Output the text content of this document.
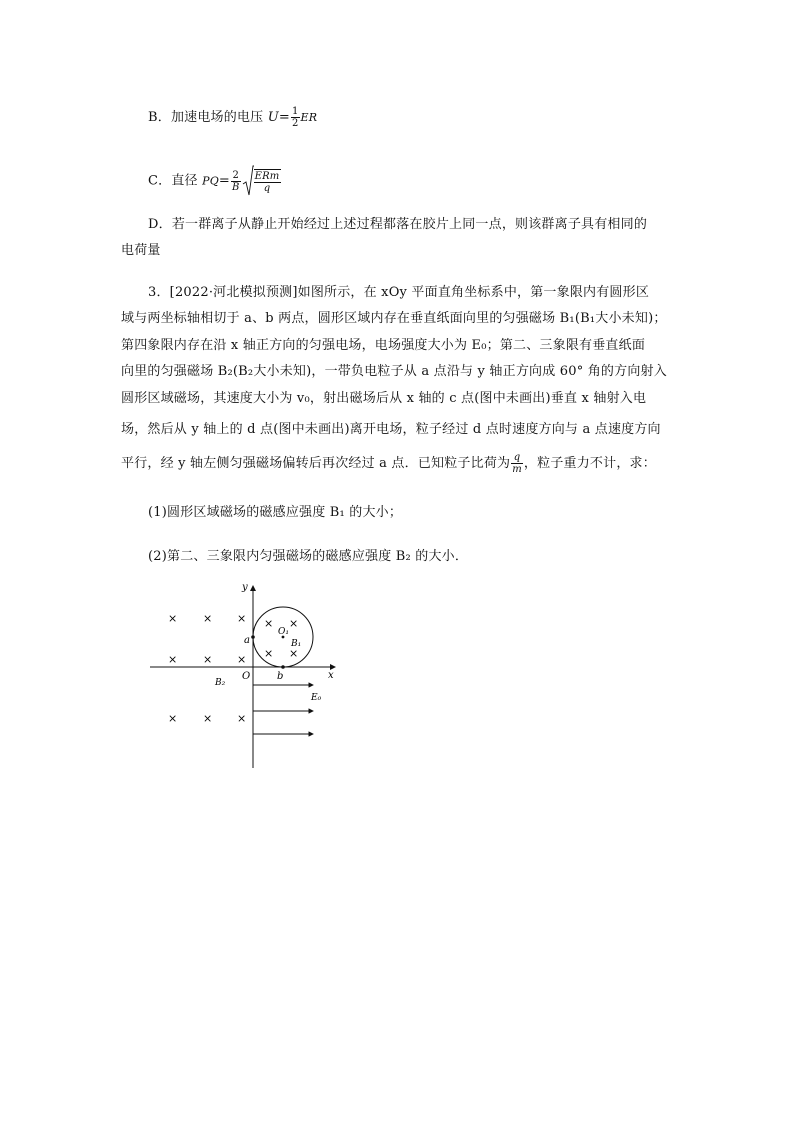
B．加速电场的电压 $U= \frac{1}{2}$ ER
C．直径 $PQ= \frac{2}{B} \frac{\text{ERm}}{q}$
D．若一群离子从静止开始经过上述过程都落在胶片上同一点，则该群离子具有相同的
电荷量
3．[2022·河北模拟预测]如图所示，在 xOy 平面直角坐标系中，第一象限内有圆形区
域与两坐标轴相切于 a、b 两点，圆形区域内存在垂直纸面向里的匀强磁场 B₁(B₁大小未知)；
第四象限内存在沿 x 轴正方向的匀强电场，电场强度大小为 E₀；第二、三象限有垂直纸面
向里的匀强磁场 B₂(B₂大小未知)，一带负电粒子从 a 点沿与 y 轴正方向成 60° 角的方向射入
圆形区域磁场，其速度大小为 v₀，射出磁场后从 x 轴的 c 点(图中未画出)垂直 x 轴射入电
场，然后从 y 轴上的 d 点(图中未画出)离开电场，粒子经过 d 点时速度方向与 a 点速度方向
平行，经 y 轴左侧匀强磁场偏转后再次经过 a 点．已知粒子比荷为 $\frac{q}{m}$ ，粒子重力不计，求：
(1)圆形区域磁场的磁感应强度 B₁ 的大小；
(2)第二、三象限内匀强磁场的磁感应强度 B₂ 的大小．
y
x
O
a
b
O₁
B₁
× ×
× ×
× × ×
× × ×
× × ×
B₂
E₀
